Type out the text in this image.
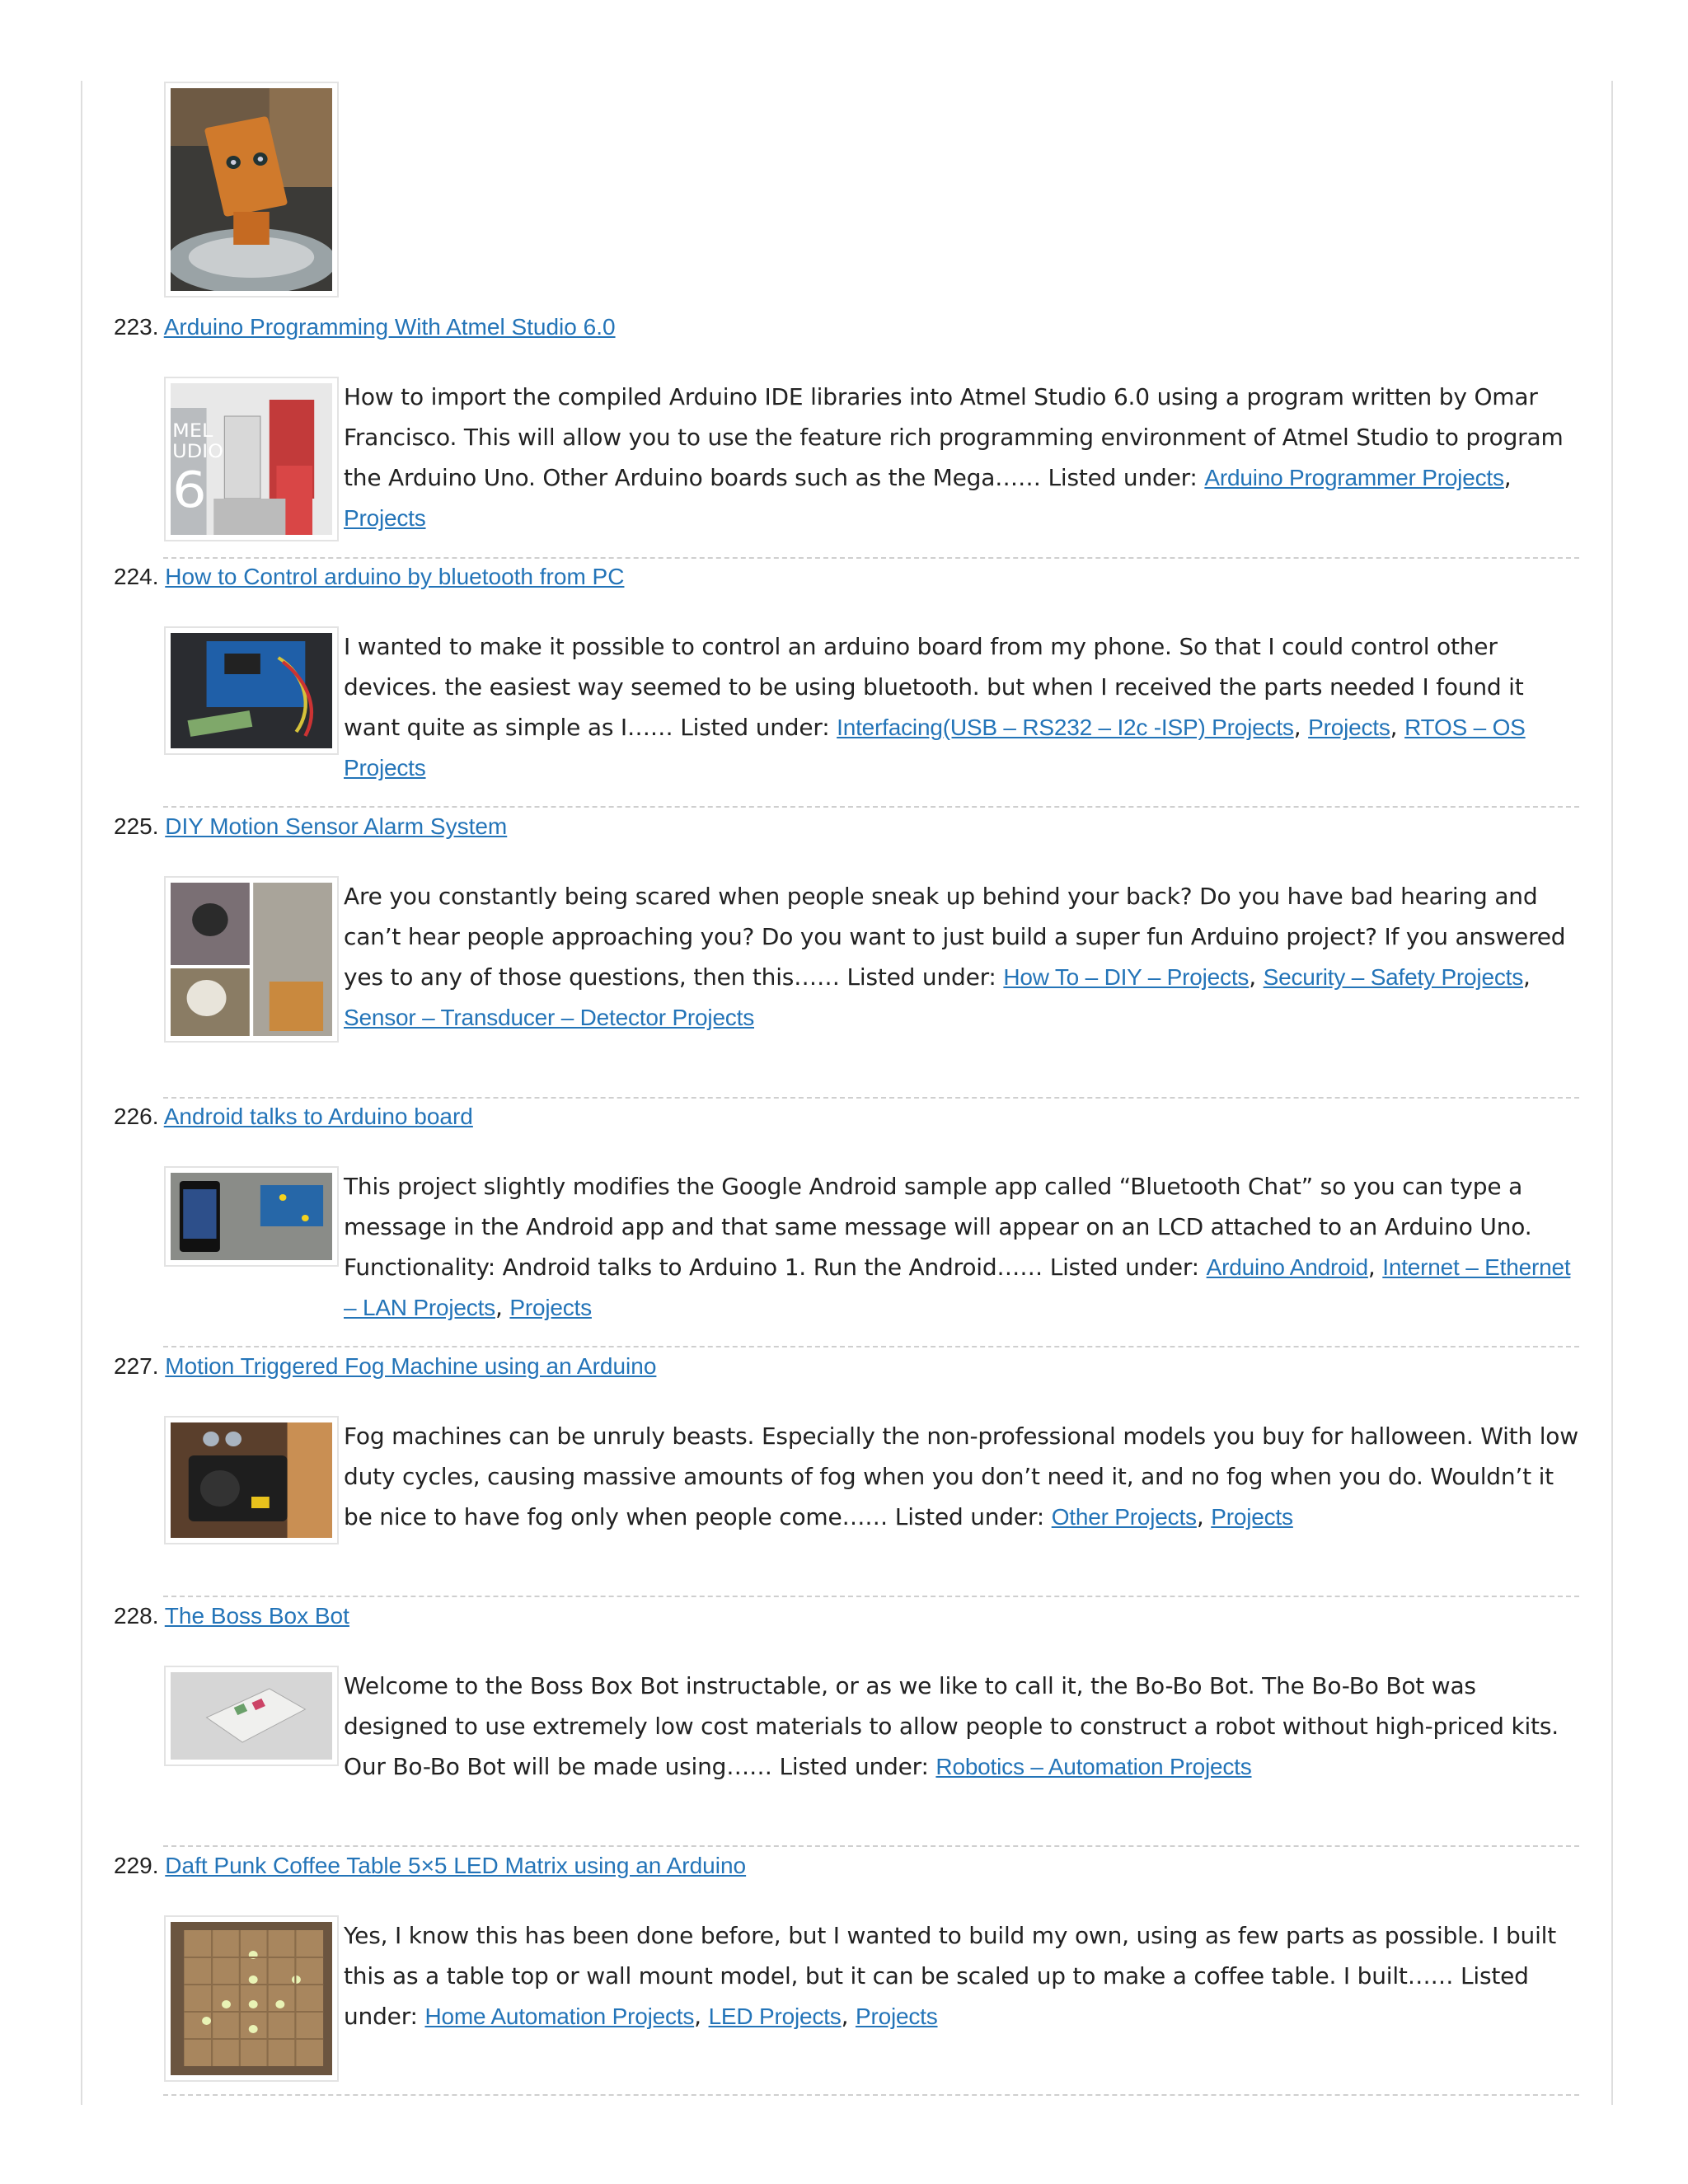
223. Arduino Programming With Atmel Studio 6.0
MEL
UDIO
6
How to import the compiled Arduino IDE libraries into Atmel Studio 6.0 using a program written by Omar Francisco. This will allow you to use the feature rich programming environment of Atmel Studio to program the Arduino Uno. Other Arduino boards such as the Mega…… Listed under: Arduino Programmer Projects, Projects
224. How to Control arduino by bluetooth from PC
I wanted to make it possible to control an arduino board from my phone. So that I could control other devices. the easiest way seemed to be using bluetooth. but when I received the parts needed I found it want quite as simple as I…… Listed under: Interfacing(USB – RS232 – I2c -ISP) Projects, Projects, RTOS – OS Projects
225. DIY Motion Sensor Alarm System
Are you constantly being scared when people sneak up behind your back? Do you have bad hearing and can’t hear people approaching you? Do you want to just build a super fun Arduino project? If you answered yes to any of those questions, then this…… Listed under: How To – DIY – Projects, Security – Safety Projects, Sensor – Transducer – Detector Projects
226. Android talks to Arduino board
This project slightly modifies the Google Android sample app called “Bluetooth Chat” so you can type a message in the Android app and that same message will appear on an LCD attached to an Arduino Uno. Functionality: Android talks to Arduino 1. Run the Android…… Listed under: Arduino Android, Internet – Ethernet – LAN Projects, Projects
227. Motion Triggered Fog Machine using an Arduino
Fog machines can be unruly beasts. Especially the non-professional models you buy for halloween. With low duty cycles, causing massive amounts of fog when you don’t need it, and no fog when you do. Wouldn’t it be nice to have fog only when people come…… Listed under: Other Projects, Projects
228. The Boss Box Bot
Welcome to the Boss Box Bot instructable, or as we like to call it, the Bo-Bo Bot. The Bo-Bo Bot was designed to use extremely low cost materials to allow people to construct a robot without high-priced kits. Our Bo-Bo Bot will be made using…… Listed under: Robotics – Automation Projects
229. Daft Punk Coffee Table 5×5 LED Matrix using an Arduino
Yes, I know this has been done before, but I wanted to build my own, using as few parts as possible. I built this as a table top or wall mount model, but it can be scaled up to make a coffee table. I built…… Listed under: Home Automation Projects, LED Projects, Projects
